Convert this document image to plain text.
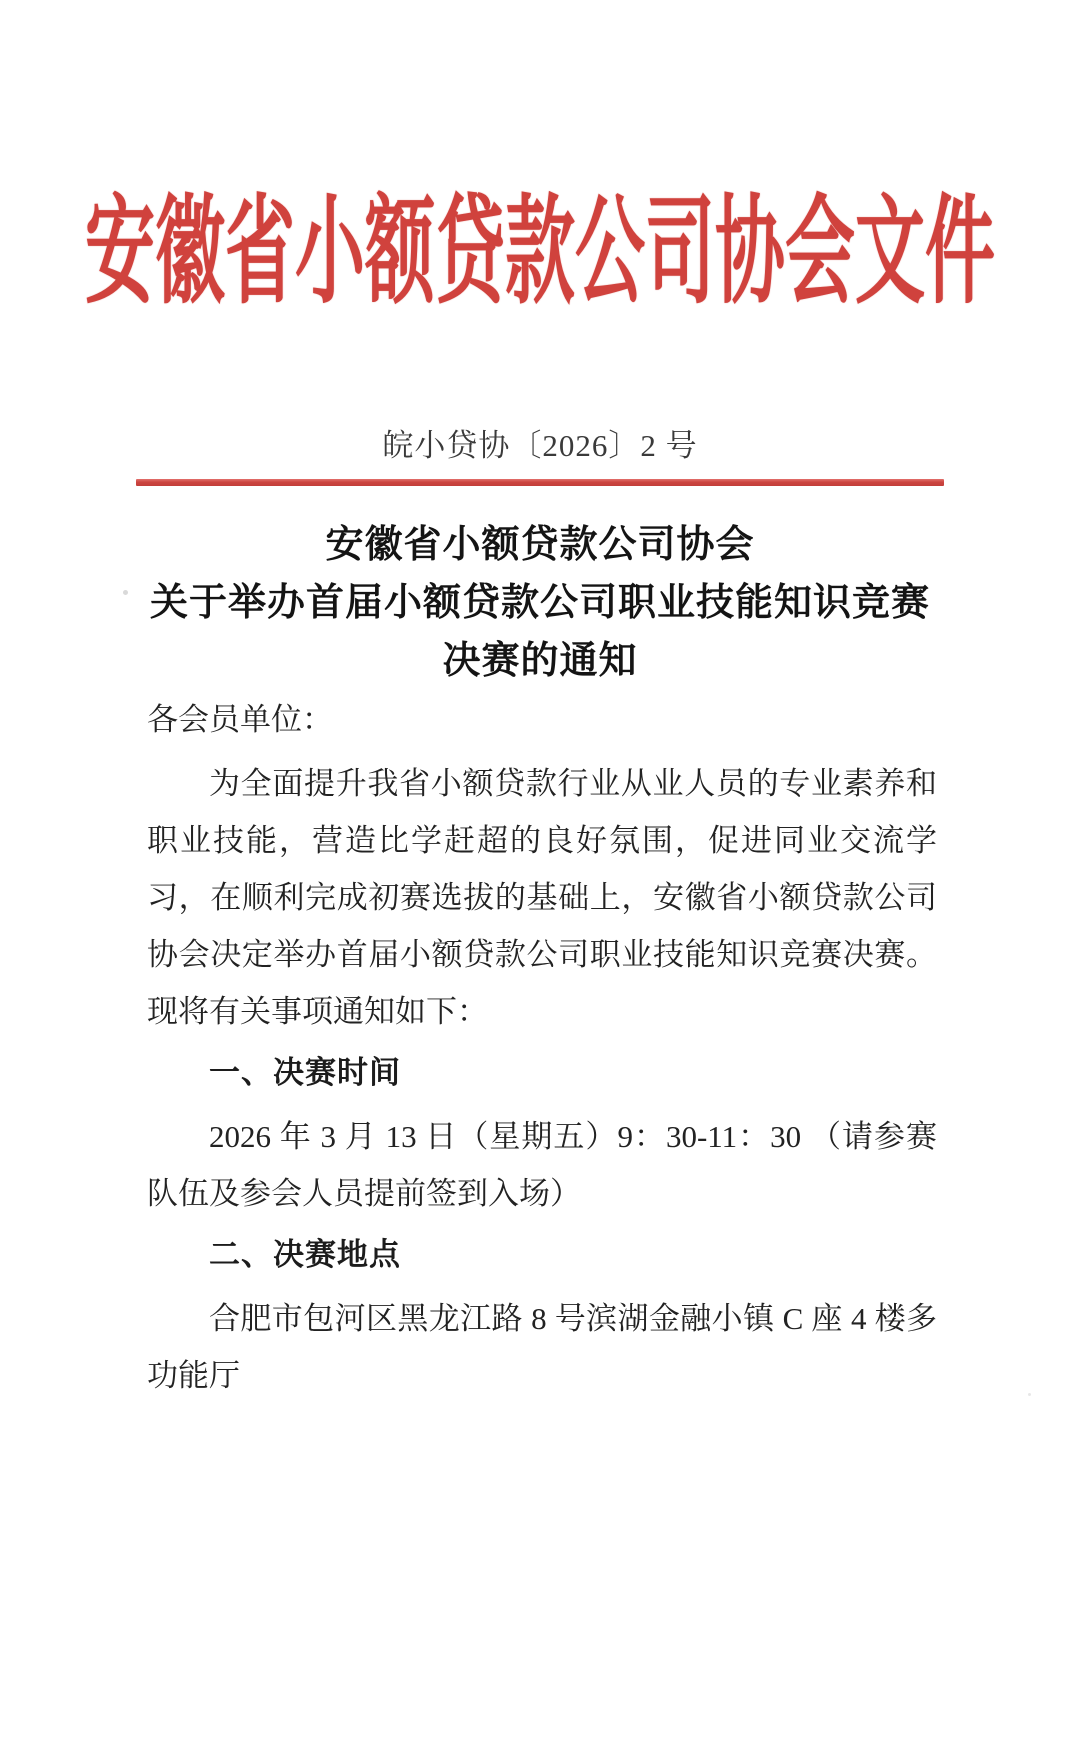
安徽省小额贷款公司协会文件
皖小贷协〔2026〕2 号
安徽省小额贷款公司协会
关于举办首届小额贷款公司职业技能知识竞赛
决赛的通知

各会员单位：

为全面提升我省小额贷款行业从业人员的专业素养和职业技能，营造比学赶超的良好氛围，促进同业交流学习，在顺利完成初赛选拔的基础上，安徽省小额贷款公司协会决定举办首届小额贷款公司职业技能知识竞赛决赛。现将有关事项通知如下：

一、决赛时间

2026 年 3 月 13 日（星期五）9：30-11：30 （请参赛队伍及参会人员提前签到入场）

二、决赛地点

合肥市包河区黑龙江路 8 号滨湖金融小镇 C 座 4 楼多功能厅
